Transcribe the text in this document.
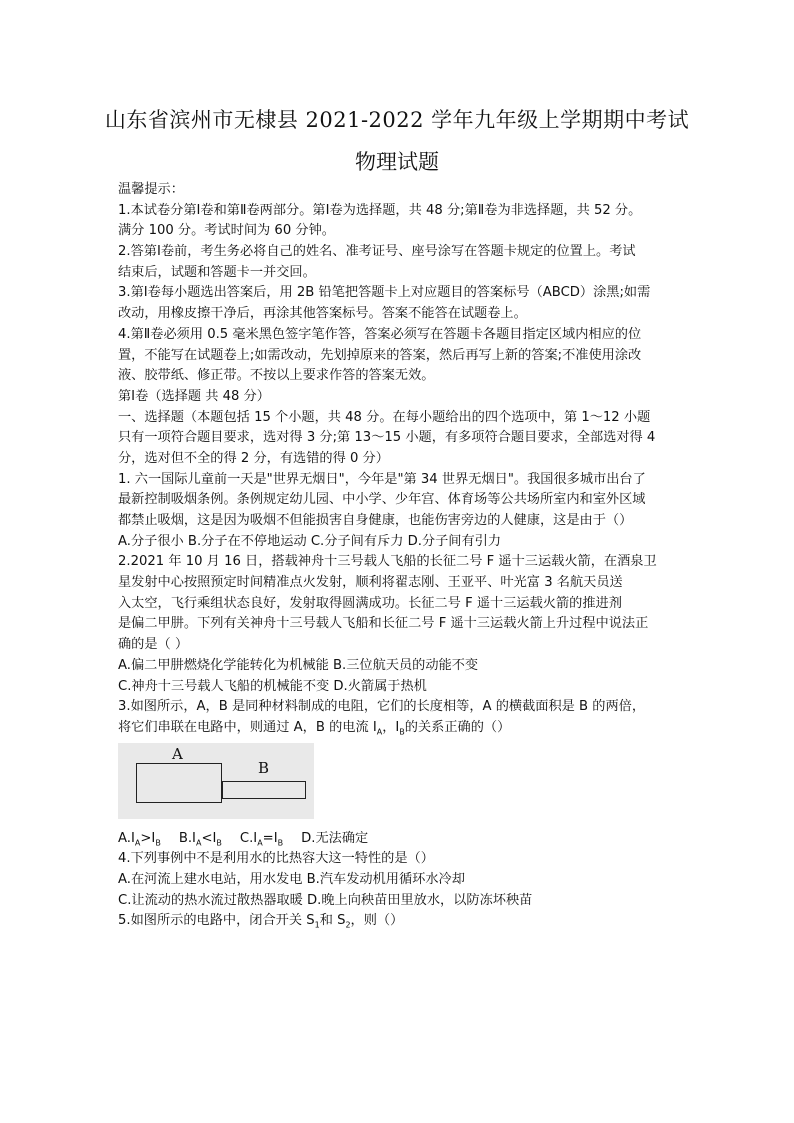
山东省滨州市无棣县 2021-2022 学年九年级上学期期中考试
物理试题
温馨提示：
1.本试卷分第Ⅰ卷和第Ⅱ卷两部分。第Ⅰ卷为选择题，共 48 分;第Ⅱ卷为非选择题，共 52 分。
满分 100 分。考试时间为 60 分钟。
2.答第Ⅰ卷前，考生务必将自己的姓名、准考证号、座号涂写在答题卡规定的位置上。考试
结束后，试题和答题卡一并交回。
3.第Ⅰ卷每小题选出答案后，用 2B 铅笔把答题卡上对应题目的答案标号（ABCD）涂黑;如需
改动，用橡皮擦干净后，再涂其他答案标号。答案不能答在试题卷上。
4.第Ⅱ卷必须用 0.5 毫米黑色签字笔作答，答案必须写在答题卡各题目指定区域内相应的位
置，不能写在试题卷上;如需改动，先划掉原来的答案，然后再写上新的答案;不准使用涂改
液、胶带纸、修正带。不按以上要求作答的答案无效。
第Ⅰ卷（选择题 共 48 分）
一、选择题（本题包括 15 个小题，共 48 分。在每小题给出的四个选项中，第 1～12 小题
只有一项符合题目要求，选对得 3 分;第 13～15 小题，有多项符合题目要求，全部选对得 4
分，选对但不全的得 2 分，有选错的得 0 分）
1. 六一国际儿童前一天是"世界无烟日"，今年是"第 34 世界无烟日"。我国很多城市出台了
最新控制吸烟条例。条例规定幼儿园、中小学、少年宫、体育场等公共场所室内和室外区域
都禁止吸烟，这是因为吸烟不但能损害自身健康，也能伤害旁边的人健康，这是由于（）
A.分子很小 B.分子在不停地运动 C.分子间有斥力 D.分子间有引力
2.2021 年 10 月 16 日，搭载神舟十三号载人飞船的长征二号 F 遥十三运载火箭，在酒泉卫
星发射中心按照预定时间精准点火发射，顺利将翟志刚、王亚平、叶光富 3 名航天员送
入太空，飞行乘组状态良好，发射取得圆满成功。长征二号 F 遥十三运载火箭的推进剂
是偏二甲肼。下列有关神舟十三号载人飞船和长征二号 F 遥十三运载火箭上升过程中说法正
确的是（ ）
A.偏二甲肼燃烧化学能转化为机械能 B.三位航天员的动能不变
C.神舟十三号载人飞船的机械能不变 D.火箭属于热机
3.如图所示，A，B 是同种材料制成的电阻，它们的长度相等，A 的横截面积是 B 的两倍，
将它们串联在电路中，则通过 A，B 的电流 $I_A$，$I_B$的关系正确的（）
A
B
$A.I_A>I_B$ $B.I_A<I_B$ $C.I_A=I_B$ D.无法确定
4.下列事例中不是利用水的比热容大这一特性的是（）
A.在河流上建水电站，用水发电 B.汽车发动机用循环水冷却
C.让流动的热水流过散热器取暖 D.晚上向秧苗田里放水，以防冻坏秧苗
5.如图所示的电路中，闭合开关 $S_1$和 $S_2$，则（）
